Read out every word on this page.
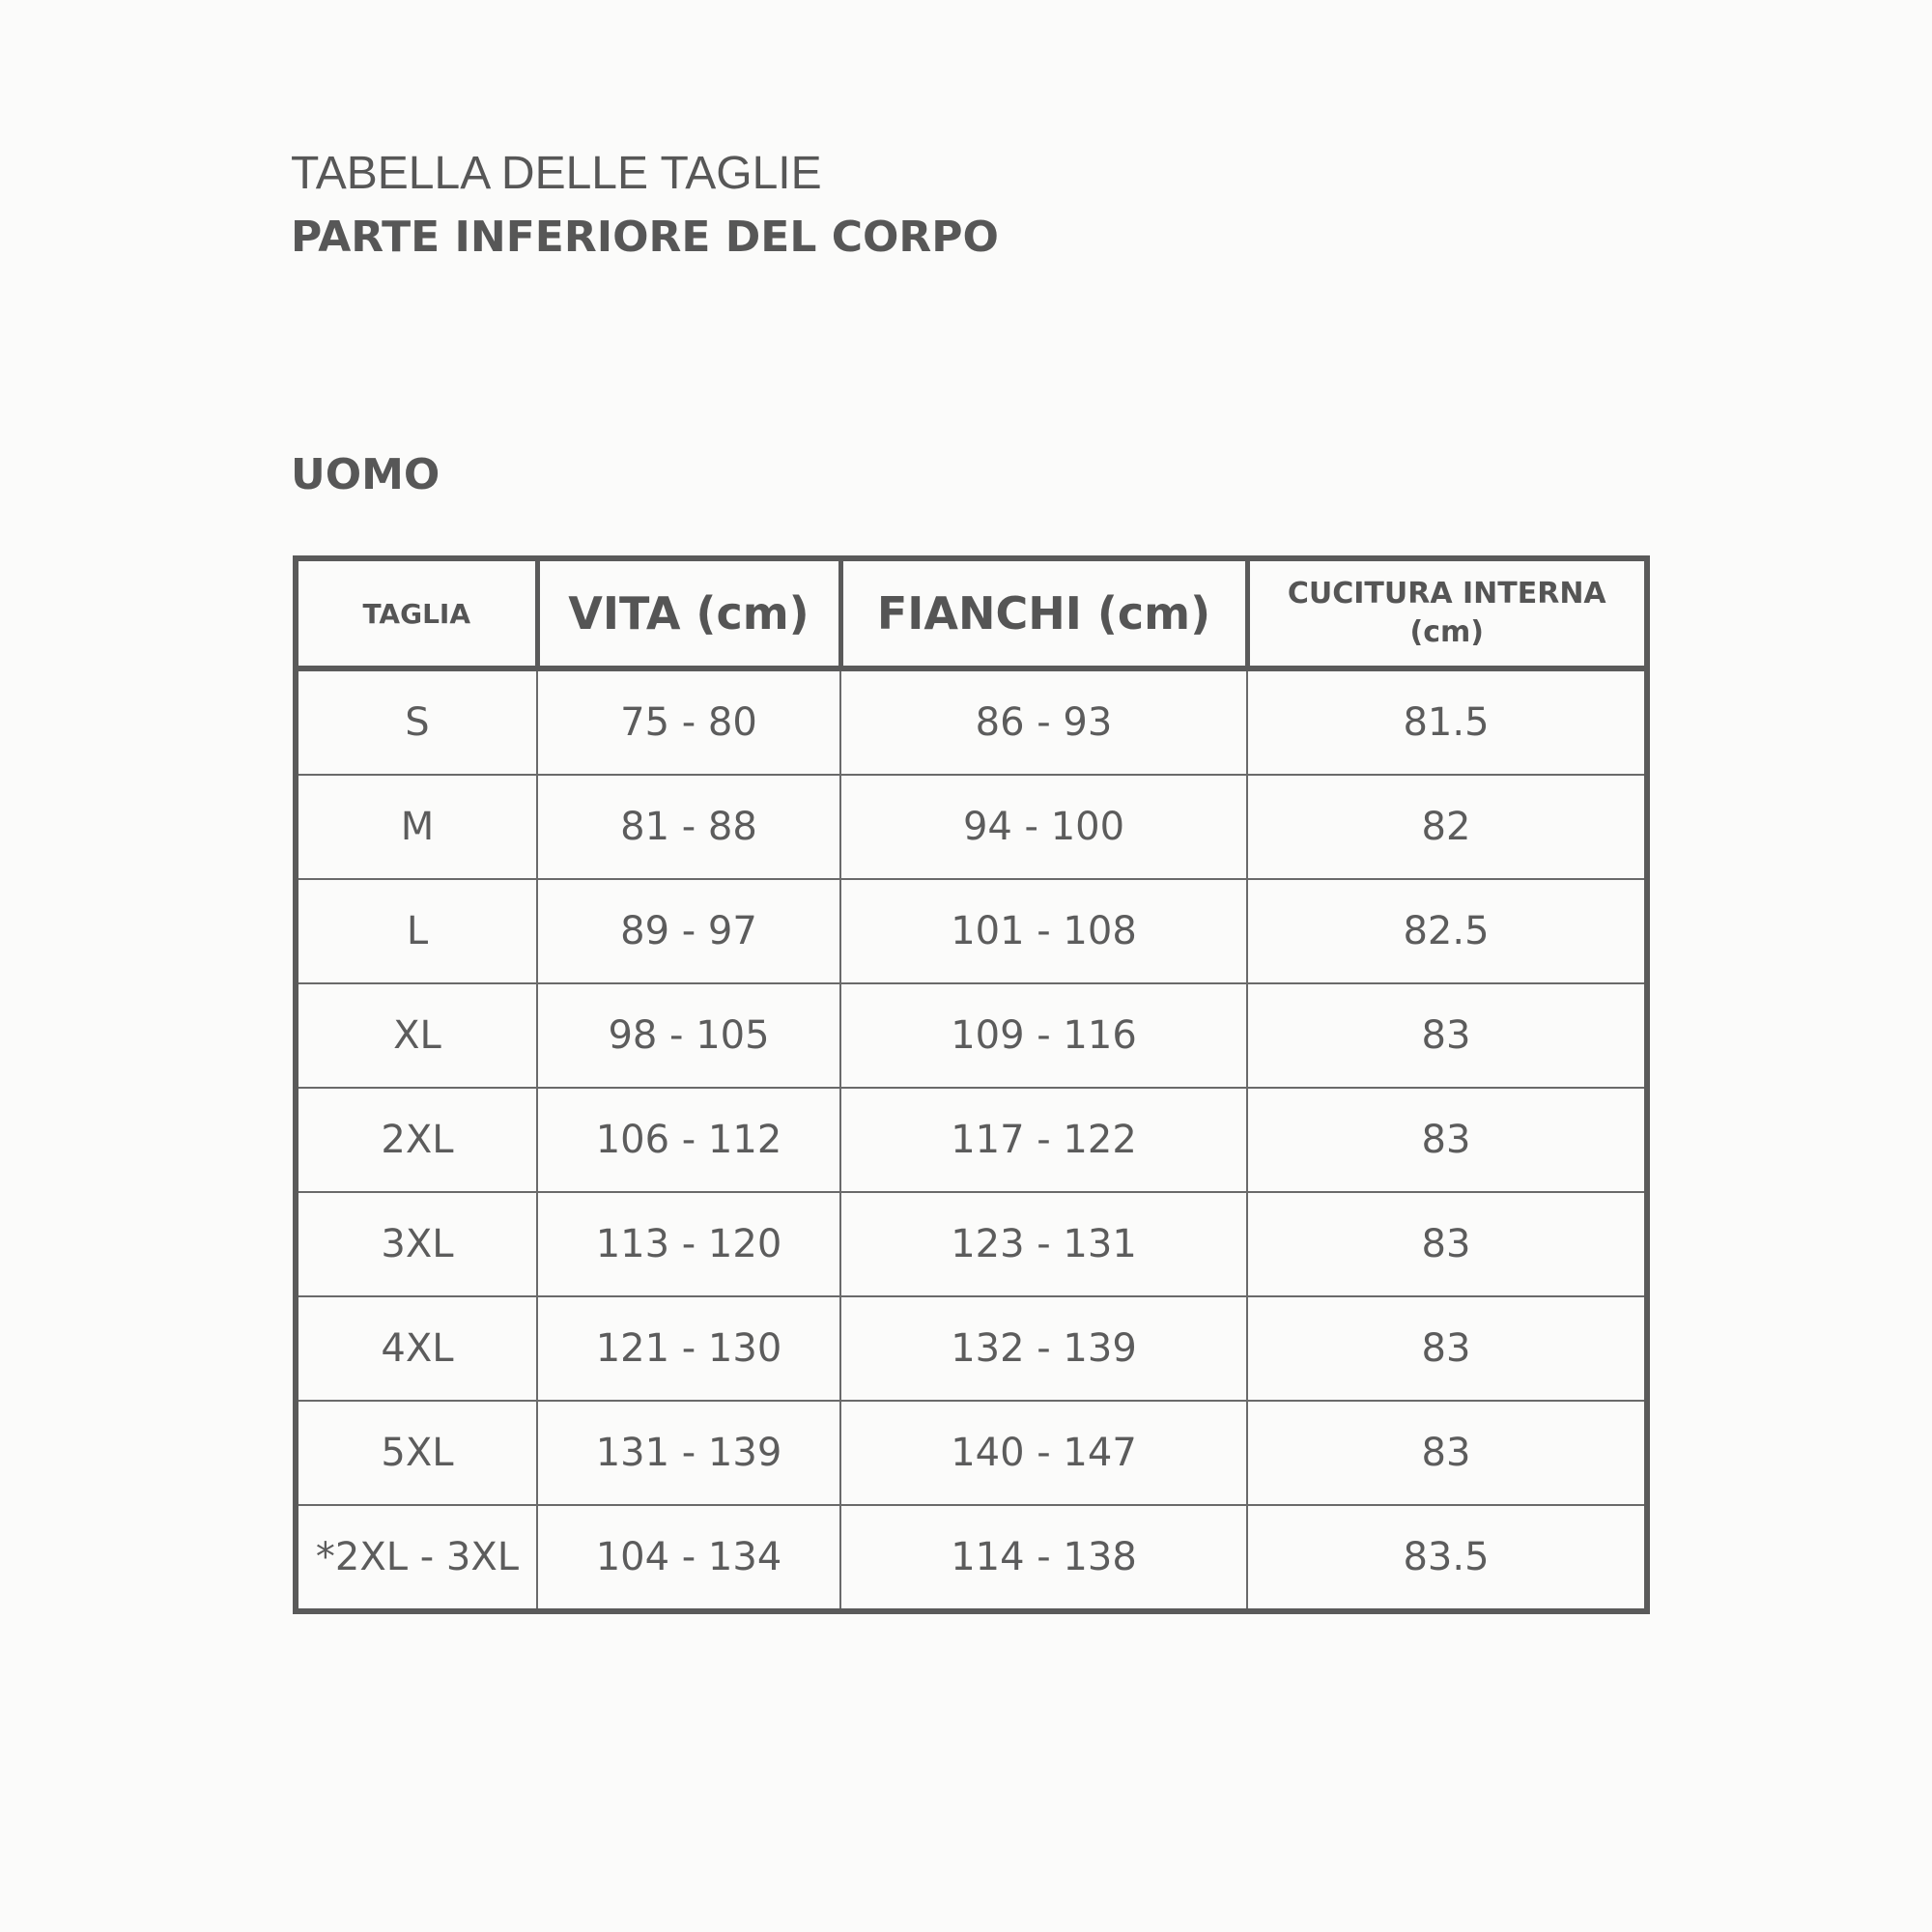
TABELLA DELLE TAGLIE
PARTE INFERIORE DEL CORPO
UOMO
TAGLIA	VITA (cm)	FIANCHI (cm)	CUCITURA INTERNA (cm)
S	75 - 80	86 - 93	81.5
M	81 - 88	94 - 100	82
L	89 - 97	101 - 108	82.5
XL	98 - 105	109 - 116	83
2XL	106 - 112	117 - 122	83
3XL	113 - 120	123 - 131	83
4XL	121 - 130	132 - 139	83
5XL	131 - 139	140 - 147	83
*2XL - 3XL	104 - 134	114 - 138	83.5
